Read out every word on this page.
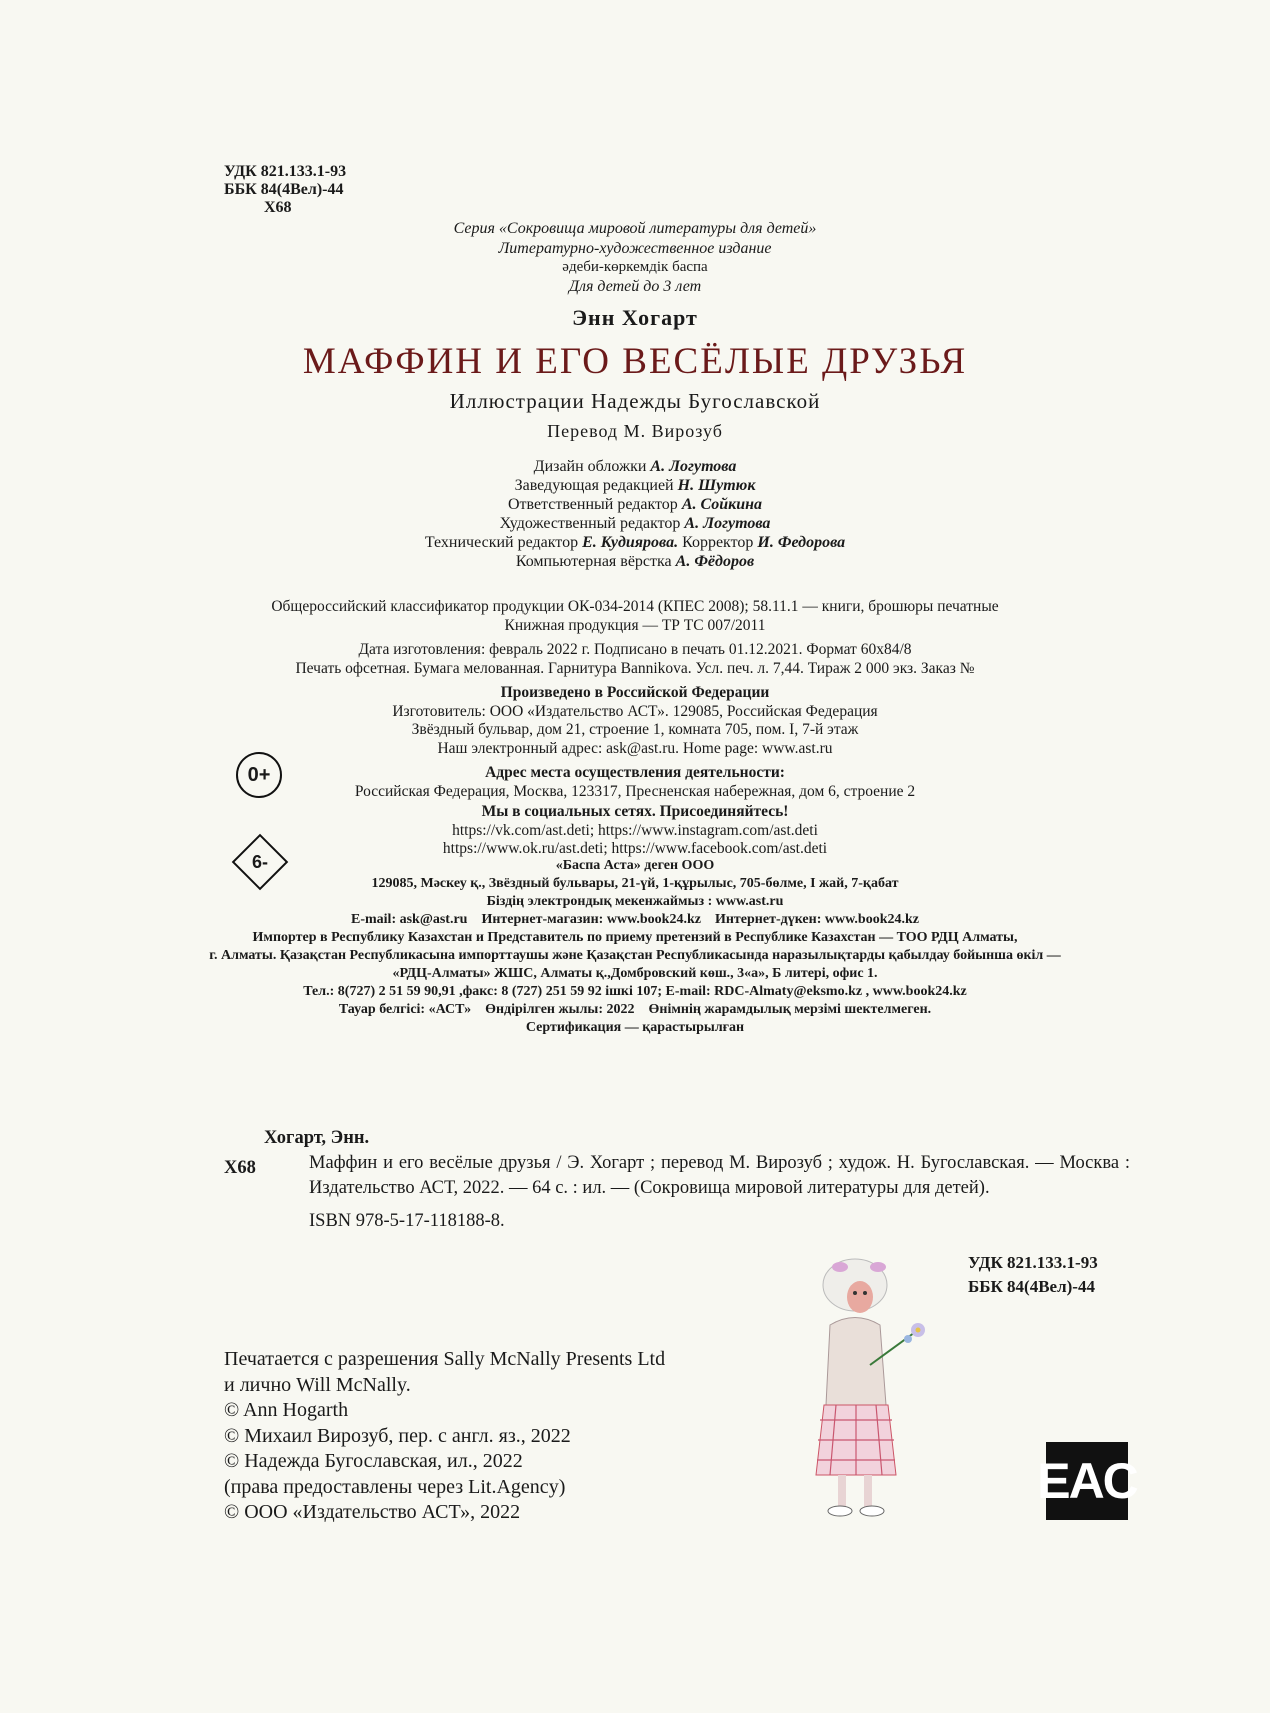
УДК 821.133.1-93
ББК 84(4Вел)-44
Х68
Серия «Сокровища мировой литературы для детей»
Литературно-художественное издание
әдеби-көркемдік баспа
Для детей до 3 лет
Энн Хогарт
МАФФИН И ЕГО ВЕСЁЛЫЕ ДРУЗЬЯ
Иллюстрации Надежды Бугославской
Перевод М. Вирозуб
Дизайн обложки А. Логутова
Заведующая редакцией Н. Шутюк
Ответственный редактор А. Сойкина
Художественный редактор А. Логутова
Технический редактор Е. Кудиярова. Корректор И. Федорова
Компьютерная вёрстка А. Фёдоров
Общероссийский классификатор продукции ОК-034-2014 (КПЕС 2008); 58.11.1 — книги, брошюры печатные
Книжная продукция — ТР ТС 007/2011
Дата изготовления: февраль 2022 г. Подписано в печать 01.12.2021. Формат 60x84/8
Печать офсетная. Бумага мелованная. Гарнитура Bannikova. Усл. печ. л. 7,44. Тираж 2 000 экз. Заказ №
Произведено в Российской Федерации
Изготовитель: ООО «Издательство АСТ». 129085, Российская Федерация
Звёздный бульвар, дом 21, строение 1, комната 705, пом. I, 7-й этаж
Наш электронный адрес: ask@ast.ru. Home page: www.ast.ru
Адрес места осуществления деятельности:
Российская Федерация, Москва, 123317, Пресненская набережная, дом 6, строение 2
Мы в социальных сетях. Присоединяйтесь!
https://vk.com/ast.deti; https://www.instagram.com/ast.deti
https://www.ok.ru/ast.deti; https://www.facebook.com/ast.deti
0+
6-	«Баспа Аста» деген ООО
129085, Мәскеу қ., Звёздный бульвары, 21-үй, 1-құрылыс, 705-бөлме, I жай, 7-қабат
Біздің электрондық мекенжаймыз : www.ast.ru
E-mail: ask@ast.ru    Интернет-магазин: www.book24.kz    Интернет-дүкен: www.book24.kz
Импортер в Республику Казахстан и Представитель по приему претензий в Республике Казахстан — ТОО РДЦ Алматы,
г. Алматы. Қазақстан Республикасына импорттаушы және Қазақстан Республикасында наразылықтарды қабылдау бойынша өкіл —
«РДЦ-Алматы» ЖШС, Алматы қ.,Домбровский көш., 3«а», Б литері, офис 1.
Тел.: 8(727) 2 51 59 90,91 ,факс: 8 (727) 251 59 92 ішкі 107; E-mail: RDC-Almaty@eksmo.kz , www.book24.kz
Тауар белгісі: «АСТ»    Өндірілген жылы: 2022    Өнімнің жарамдылық мерзімі шектелмеген.
Сертификация — қарастырылған
Хогарт, Энн.
Х68	Маффин и его весёлые друзья / Э. Хогарт ; перевод М. Вирозуб ; худож. Н. Бугославская. — Москва : Издательство АСТ, 2022. — 64 с. : ил. — (Сокровища мировой литературы для детей).
ISBN 978-5-17-118188-8.
УДК 821.133.1-93
ББК 84(4Вел)-44
Печатается с разрешения Sally McNally Presents Ltd
и лично Will McNally.
© Ann Hogarth
© Михаил Вирозуб, пер. с англ. яз., 2022
© Надежда Бугославская, ил., 2022
(права предоставлены через Lit.Agency)
© ООО «Издательство АСТ», 2022
EAC
